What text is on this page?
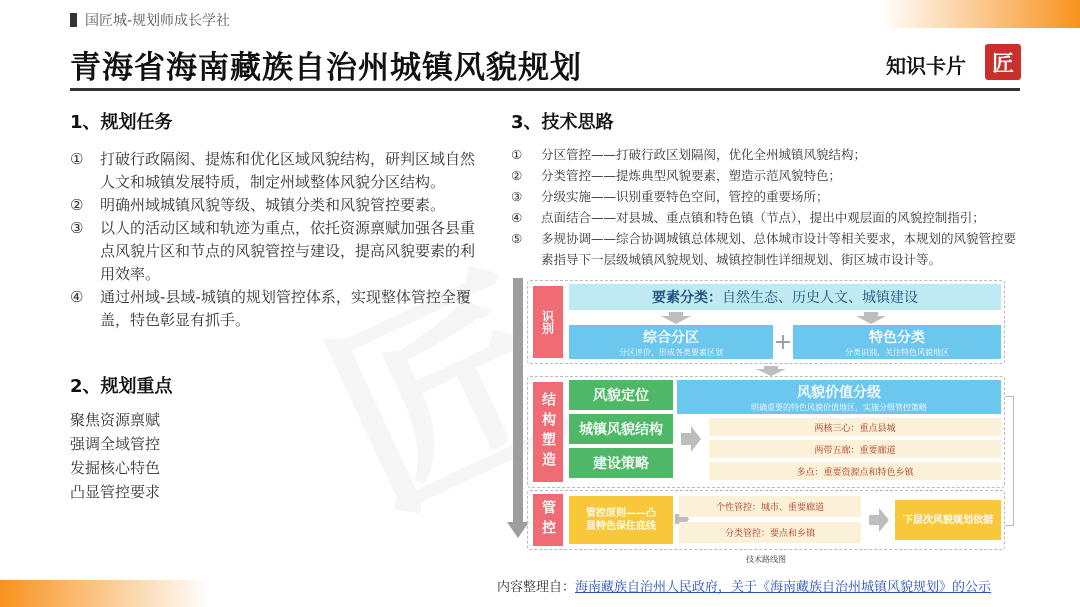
国匠城-规划师成长学社
青海省海南藏族自治州城镇风貌规划	知识卡片	匠
1、规划任务
①	打破行政隔阂、提炼和优化区域风貌结构，研判区域自然人文和城镇发展特质，制定州域整体风貌分区结构。
②	明确州域城镇风貌等级、城镇分类和风貌管控要素。
③	以人的活动区域和轨迹为重点，依托资源禀赋加强各县重点风貌片区和节点的风貌管控与建设，提高风貌要素的利用效率。
④	通过州域-县域-城镇的规划管控体系，实现整体管控全覆盖，特色彰显有抓手。
2、规划重点
聚焦资源禀赋
强调全域管控
发掘核心特色
凸显管控要求
3、技术思路
①	分区管控——打破行政区划隔阂，优化全州城镇风貌结构；
②	分类管控——提炼典型风貌要素，塑造示范风貌特色；
③	分级实施——识别重要特色空间，管控的重要场所；
④	点面结合——对县城、重点镇和特色镇（节点），提出中观层面的风貌控制指引；
⑤	多规协调——综合协调城镇总体规划、总体城市设计等相关要求，本规划的风貌管控要素指导下一层级城镇风貌规划、城镇控制性详细规划、街区城市设计等。
识别
要素分类： 自然生态、历史人文、城镇建设
综合分区
分区评价，形成各类要素区划 +	特色分类
分类识别，关注特色风貌地区
结构塑造	风貌定位
城镇风貌结构
建设策略
风貌价值分级
明确重要的特色风貌价值地区，实施分级管控策略
两核三心：重点县城
两带五廊：重要廊道
多点：重要资源点和特色乡镇
管控	管控原则——凸显特色保住底线
个性管控：城市、重要廊道
分类管控：要点和乡镇
下层次风貌规划依据
技术路线图
内容整理自：海南藏族自治州人民政府，关于《海南藏族自治州城镇风貌规划》的公示
